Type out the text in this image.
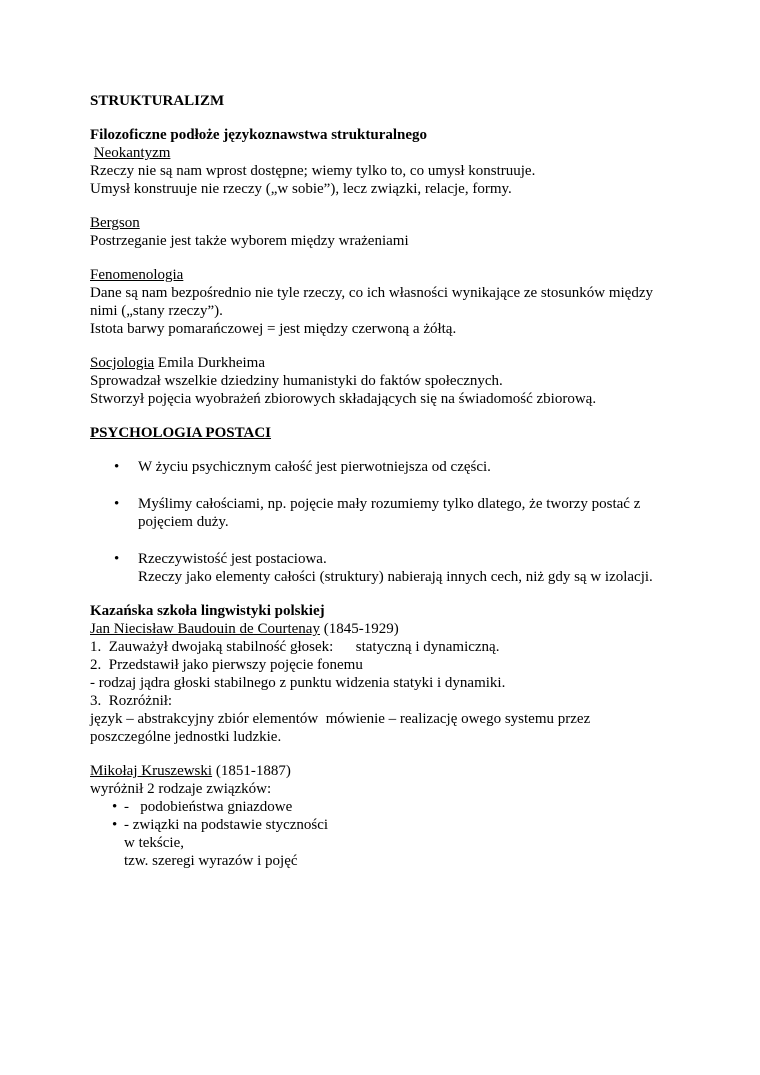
STRUKTURALIZM
Filozoficzne podłoże językoznawstwa strukturalnego
Neokantyzm
Rzeczy nie są nam wprost dostępne; wiemy tylko to, co umysł konstruuje.
Umysł konstruuje nie rzeczy („w sobie”), lecz związki, relacje, formy.
Bergson
Postrzeganie jest także wyborem między wrażeniami
Fenomenologia
Dane są nam bezpośrednio nie tyle rzeczy, co ich własności wynikające ze stosunków między
nimi („stany rzeczy”).
Istota barwy pomarańczowej = jest między czerwoną a żółtą.
Socjologia Emila Durkheima
Sprowadzał wszelkie dziedziny humanistyki do faktów społecznych.
Stworzył pojęcia wyobrażeń zbiorowych składających się na świadomość zbiorową.
PSYCHOLOGIA POSTACI
• W życiu psychicznym całość jest pierwotniejsza od części.
• Myślimy całościami, np. pojęcie mały rozumiemy tylko dlatego, że tworzy postać z
pojęciem duży.
• Rzeczywistość jest postaciowa.
Rzeczy jako elementy całości (struktury) nabierają innych cech, niż gdy są w izolacji.
Kazańska szkoła lingwistyki polskiej
Jan Niecisław Baudouin de Courtenay (1845-1929)
1.  Zauważył dwojaką stabilność głosek:      statyczną i dynamiczną.
2.  Przedstawił jako pierwszy pojęcie fonemu
- rodzaj jądra głoski stabilnego z punktu widzenia statyki i dynamiki.
3.  Rozróżnił:
język – abstrakcyjny zbiór elementów  mówienie – realizację owego systemu przez
poszczególne jednostki ludzkie.
Mikołaj Kruszewski (1851-1887)
wyróżnił 2 rodzaje związków:
• -   podobieństwa gniazdowe
• - związki na podstawie styczności
w tekście,
tzw. szeregi wyrazów i pojęć
